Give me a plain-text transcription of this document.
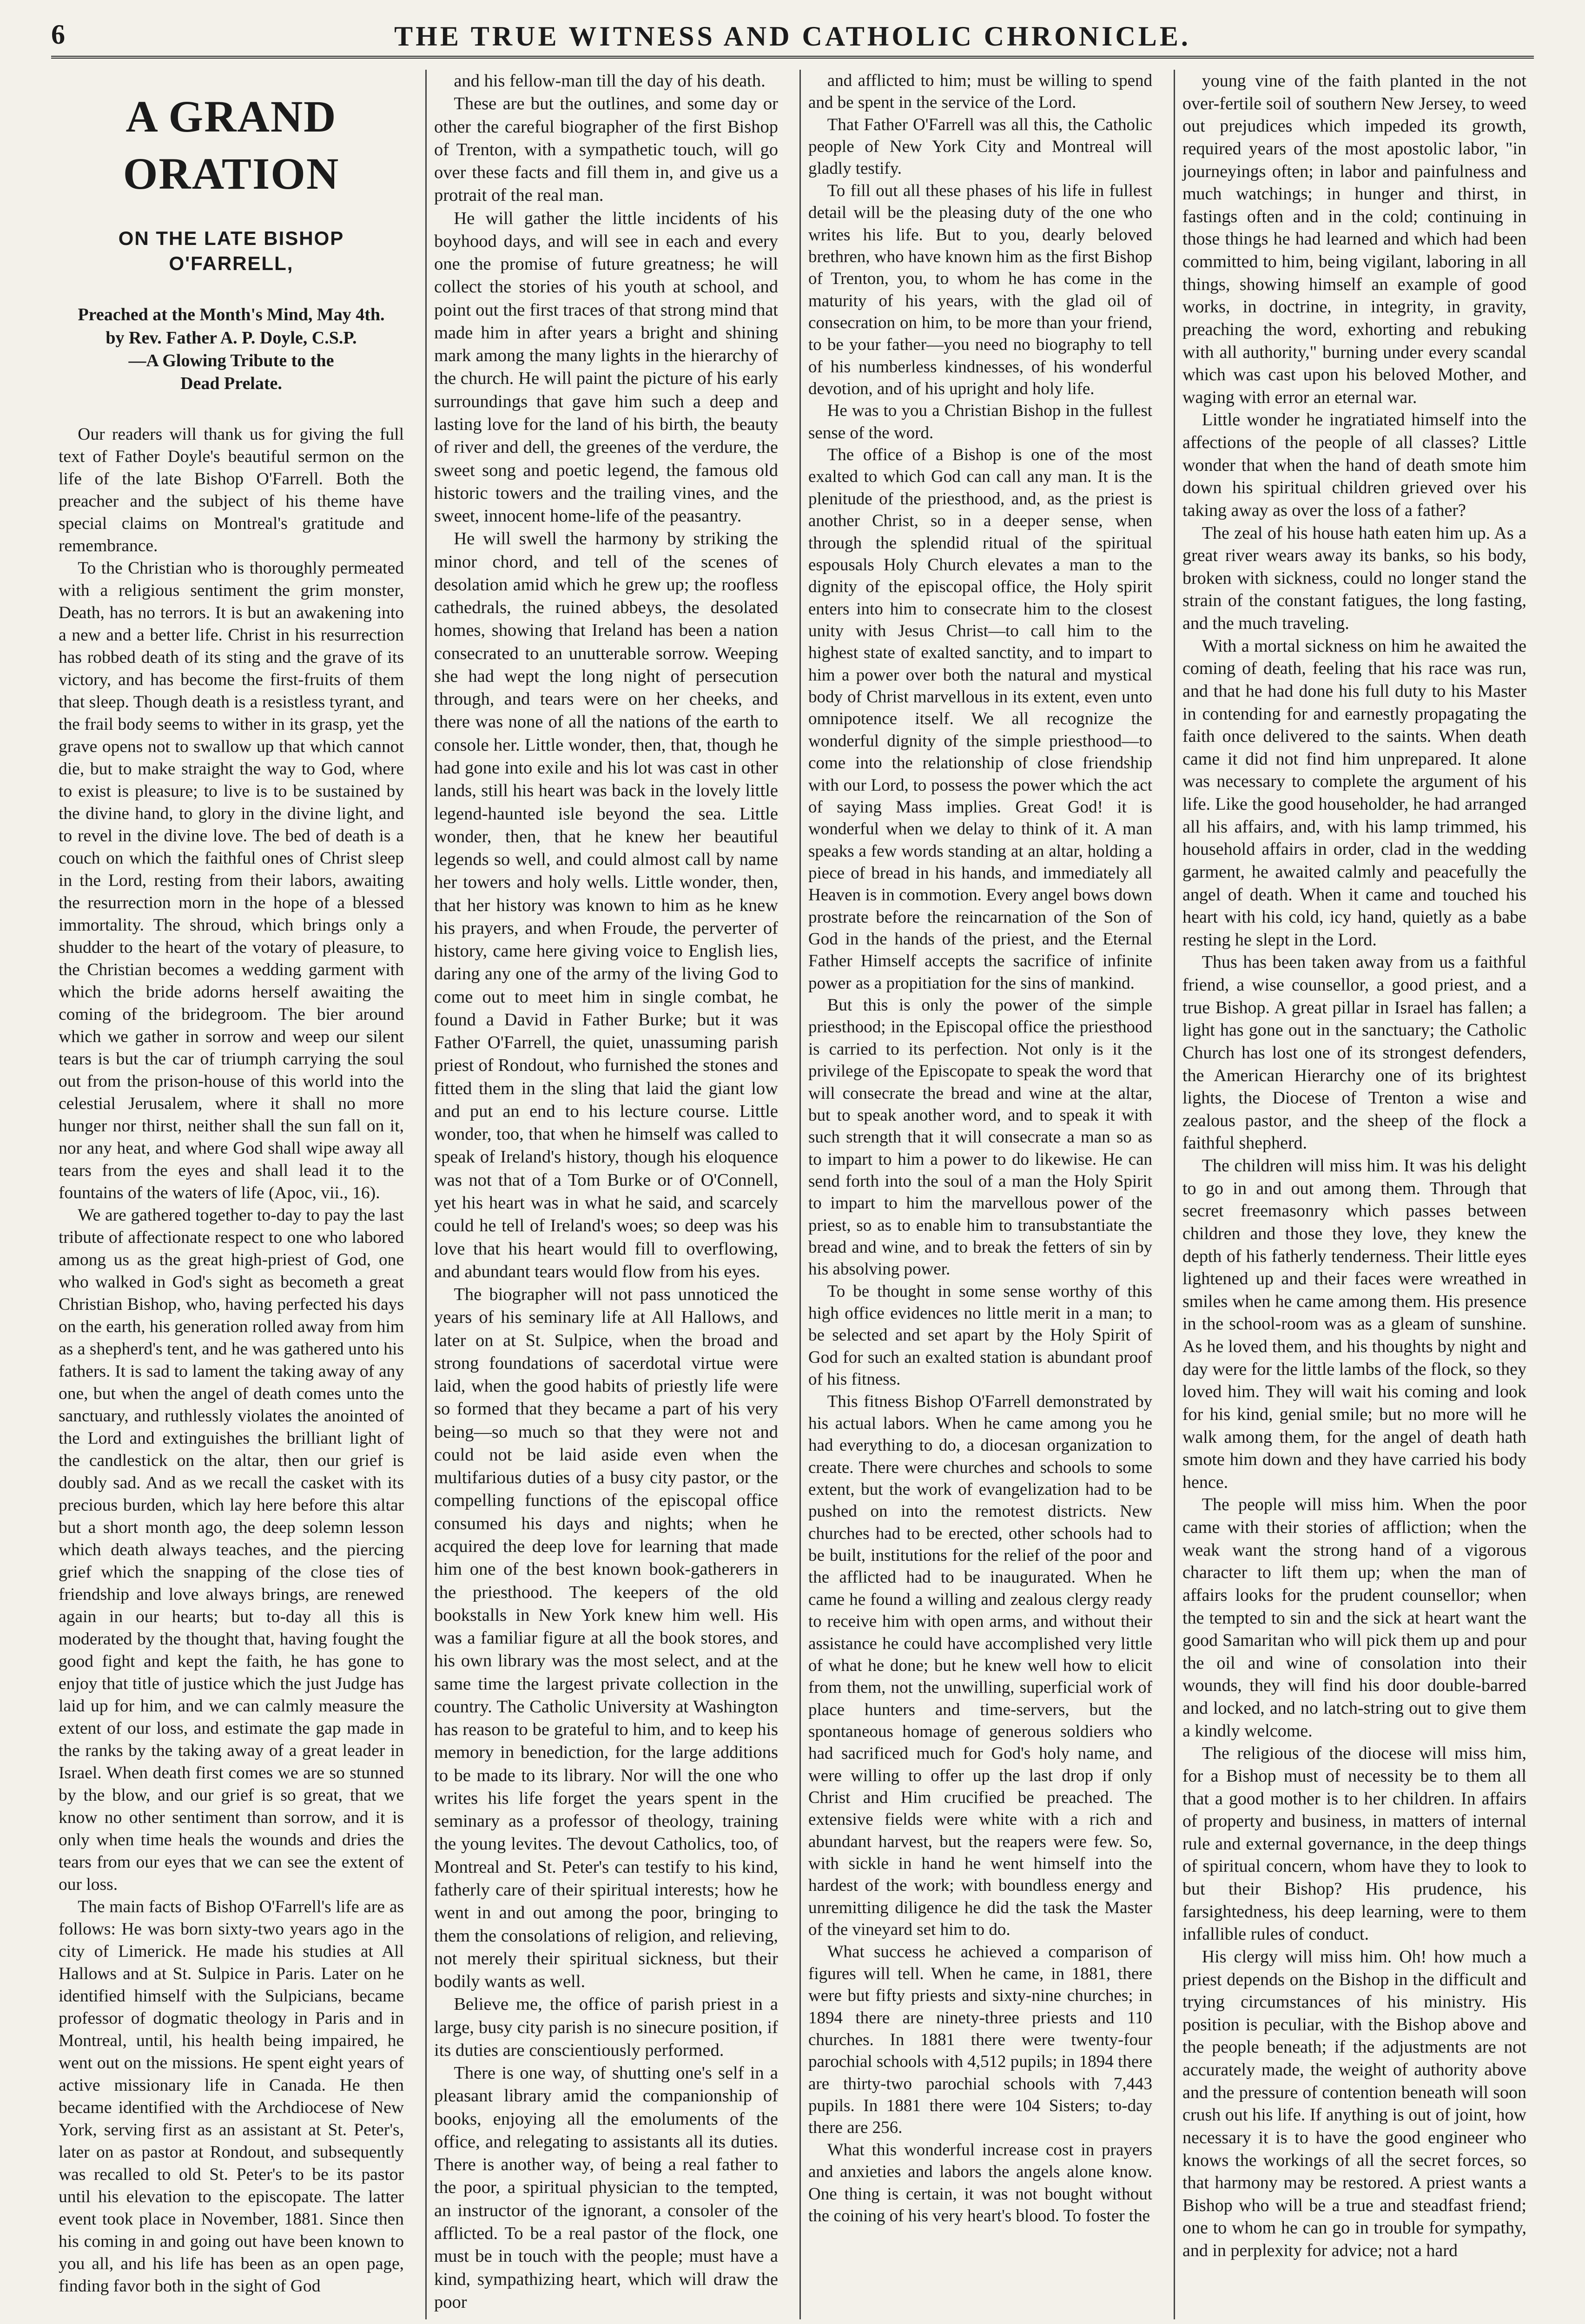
6	THE TRUE WITNESS AND CATHOLIC CHRONICLE.
A GRAND ORATION
ON THE LATE BISHOP O'FARRELL,
Preached at the Month's Mind, May 4th.
by Rev. Father A. P. Doyle, C.S.P.
—A Glowing Tribute to the
Dead Prelate.

Our readers will thank us for giving the full text of Father Doyle's beautiful sermon on the life of the late Bishop O'Farrell. Both the preacher and the subject of his theme have special claims on Montreal's gratitude and remembrance.

To the Christian who is thoroughly permeated with a religious sentiment the grim monster, Death, has no terrors. It is but an awakening into a new and a better life. Christ in his resurrection has robbed death of its sting and the grave of its victory, and has become the first-fruits of them that sleep. Though death is a resistless tyrant, and the frail body seems to wither in its grasp, yet the grave opens not to swallow up that which cannot die, but to make straight the way to God, where to exist is pleasure; to live is to be sustained by the divine hand, to glory in the divine light, and to revel in the divine love. The bed of death is a couch on which the faithful ones of Christ sleep in the Lord, resting from their labors, awaiting the resurrection morn in the hope of a blessed immortality. The shroud, which brings only a shudder to the heart of the votary of pleasure, to the Christian becomes a wedding garment with which the bride adorns herself awaiting the coming of the bridegroom. The bier around which we gather in sorrow and weep our silent tears is but the car of triumph carrying the soul out from the prison-house of this world into the celestial Jerusalem, where it shall no more hunger nor thirst, neither shall the sun fall on it, nor any heat, and where God shall wipe away all tears from the eyes and shall lead it to the fountains of the waters of life (Apoc, vii., 16).

We are gathered together to-day to pay the last tribute of affectionate respect to one who labored among us as the great high-priest of God, one who walked in God's sight as becometh a great Christian Bishop, who, having perfected his days on the earth, his generation rolled away from him as a shepherd's tent, and he was gathered unto his fathers. It is sad to lament the taking away of any one, but when the angel of death comes unto the sanctuary, and ruthlessly violates the anointed of the Lord and extinguishes the brilliant light of the candlestick on the altar, then our grief is doubly sad. And as we recall the casket with its precious burden, which lay here before this altar but a short month ago, the deep solemn lesson which death always teaches, and the piercing grief which the snapping of the close ties of friendship and love always brings, are renewed again in our hearts; but to-day all this is moderated by the thought that, having fought the good fight and kept the faith, he has gone to enjoy that title of justice which the just Judge has laid up for him, and we can calmly measure the extent of our loss, and estimate the gap made in the ranks by the taking away of a great leader in Israel. When death first comes we are so stunned by the blow, and our grief is so great, that we know no other sentiment than sorrow, and it is only when time heals the wounds and dries the tears from our eyes that we can see the extent of our loss.

The main facts of Bishop O'Farrell's life are as follows: He was born sixty-two years ago in the city of Limerick. He made his studies at All Hallows and at St. Sulpice in Paris. Later on he identified himself with the Sulpicians, became professor of dogmatic theology in Paris and in Montreal, until, his health being impaired, he went out on the missions. He spent eight years of active missionary life in Canada. He then became identified with the Archdiocese of New York, serving first as an assistant at St. Peter's, later on as pastor at Rondout, and subsequently was recalled to old St. Peter's to be its pastor until his elevation to the episcopate. The latter event took place in November, 1881. Since then his coming in and going out have been known to you all, and his life has been as an open page, finding favor both in the sight of God

and his fellow-man till the day of his death.

These are but the outlines, and some day or other the careful biographer of the first Bishop of Trenton, with a sympathetic touch, will go over these facts and fill them in, and give us a protrait of the real man.

He will gather the little incidents of his boyhood days, and will see in each and every one the promise of future greatness; he will collect the stories of his youth at school, and point out the first traces of that strong mind that made him in after years a bright and shining mark among the many lights in the hierarchy of the church. He will paint the picture of his early surroundings that gave him such a deep and lasting love for the land of his birth, the beauty of river and dell, the greenes of the verdure, the sweet song and poetic legend, the famous old historic towers and the trailing vines, and the sweet, innocent home-life of the peasantry.

He will swell the harmony by striking the minor chord, and tell of the scenes of desolation amid which he grew up; the roofless cathedrals, the ruined abbeys, the desolated homes, showing that Ireland has been a nation consecrated to an unutterable sorrow. Weeping she had wept the long night of persecution through, and tears were on her cheeks, and there was none of all the nations of the earth to console her. Little wonder, then, that, though he had gone into exile and his lot was cast in other lands, still his heart was back in the lovely little legend-haunted isle beyond the sea. Little wonder, then, that he knew her beautiful legends so well, and could almost call by name her towers and holy wells. Little wonder, then, that her history was known to him as he knew his prayers, and when Froude, the perverter of history, came here giving voice to English lies, daring any one of the army of the living God to come out to meet him in single combat, he found a David in Father Burke; but it was Father O'Farrell, the quiet, unassuming parish priest of Rondout, who furnished the stones and fitted them in the sling that laid the giant low and put an end to his lecture course. Little wonder, too, that when he himself was called to speak of Ireland's history, though his eloquence was not that of a Tom Burke or of O'Connell, yet his heart was in what he said, and scarcely could he tell of Ireland's woes; so deep was his love that his heart would fill to overflowing, and abundant tears would flow from his eyes.

The biographer will not pass unnoticed the years of his seminary life at All Hallows, and later on at St. Sulpice, when the broad and strong foundations of sacerdotal virtue were laid, when the good habits of priestly life were so formed that they became a part of his very being—so much so that they were not and could not be laid aside even when the multifarious duties of a busy city pastor, or the compelling functions of the episcopal office consumed his days and nights; when he acquired the deep love for learning that made him one of the best known book-gatherers in the priesthood. The keepers of the old bookstalls in New York knew him well. His was a familiar figure at all the book stores, and his own library was the most select, and at the same time the largest private collection in the country. The Catholic University at Washington has reason to be grateful to him, and to keep his memory in benediction, for the large additions to be made to its library. Nor will the one who writes his life forget the years spent in the seminary as a professor of theology, training the young levites. The devout Catholics, too, of Montreal and St. Peter's can testify to his kind, fatherly care of their spiritual interests; how he went in and out among the poor, bringing to them the consolations of religion, and relieving, not merely their spiritual sickness, but their bodily wants as well.

Believe me, the office of parish priest in a large, busy city parish is no sinecure position, if its duties are conscientiously performed.

There is one way, of shutting one's self in a pleasant library amid the companionship of books, enjoying all the emoluments of the office, and relegating to assistants all its duties. There is another way, of being a real father to the poor, a spiritual physician to the tempted, an instructor of the ignorant, a consoler of the afflicted. To be a real pastor of the flock, one must be in touch with the people; must have a kind, sympathizing heart, which will draw the poor

and afflicted to him; must be willing to spend and be spent in the service of the Lord.

That Father O'Farrell was all this, the Catholic people of New York City and Montreal will gladly testify.

To fill out all these phases of his life in fullest detail will be the pleasing duty of the one who writes his life. But to you, dearly beloved brethren, who have known him as the first Bishop of Trenton, you, to whom he has come in the maturity of his years, with the glad oil of consecration on him, to be more than your friend, to be your father—you need no biography to tell of his numberless kindnesses, of his wonderful devotion, and of his upright and holy life.

He was to you a Christian Bishop in the fullest sense of the word.

The office of a Bishop is one of the most exalted to which God can call any man. It is the plenitude of the priesthood, and, as the priest is another Christ, so in a deeper sense, when through the splendid ritual of the spiritual espousals Holy Church elevates a man to the dignity of the episcopal office, the Holy spirit enters into him to consecrate him to the closest unity with Jesus Christ—to call him to the highest state of exalted sanctity, and to impart to him a power over both the natural and mystical body of Christ marvellous in its extent, even unto omnipotence itself. We all recognize the wonderful dignity of the simple priesthood—to come into the relationship of close friendship with our Lord, to possess the power which the act of saying Mass implies. Great God! it is wonderful when we delay to think of it. A man speaks a few words standing at an altar, holding a piece of bread in his hands, and immediately all Heaven is in commotion. Every angel bows down prostrate before the reincarnation of the Son of God in the hands of the priest, and the Eternal Father Himself accepts the sacrifice of infinite power as a propitiation for the sins of mankind.

But this is only the power of the simple priesthood; in the Episcopal office the priesthood is carried to its perfection. Not only is it the privilege of the Episcopate to speak the word that will consecrate the bread and wine at the altar, but to speak another word, and to speak it with such strength that it will consecrate a man so as to impart to him a power to do likewise. He can send forth into the soul of a man the Holy Spirit to impart to him the marvellous power of the priest, so as to enable him to transubstantiate the bread and wine, and to break the fetters of sin by his absolving power.

To be thought in some sense worthy of this high office evidences no little merit in a man; to be selected and set apart by the Holy Spirit of God for such an exalted station is abundant proof of his fitness.

This fitness Bishop O'Farrell demonstrated by his actual labors. When he came among you he had everything to do, a diocesan organization to create. There were churches and schools to some extent, but the work of evangelization had to be pushed on into the remotest districts. New churches had to be erected, other schools had to be built, institutions for the relief of the poor and the afflicted had to be inaugurated. When he came he found a willing and zealous clergy ready to receive him with open arms, and without their assistance he could have accomplished very little of what he done; but he knew well how to elicit from them, not the unwilling, superficial work of place hunters and time-servers, but the spontaneous homage of generous soldiers who had sacrificed much for God's holy name, and were willing to offer up the last drop if only Christ and Him crucified be preached. The extensive fields were white with a rich and abundant harvest, but the reapers were few. So, with sickle in hand he went himself into the hardest of the work; with boundless energy and unremitting diligence he did the task the Master of the vineyard set him to do.

What success he achieved a comparison of figures will tell. When he came, in 1881, there were but fifty priests and sixty-nine churches; in 1894 there are ninety-three priests and 110 churches. In 1881 there were twenty-four parochial schools with 4,512 pupils; in 1894 there are thirty-two parochial schools with 7,443 pupils. In 1881 there were 104 Sisters; to-day there are 256.

What this wonderful increase cost in prayers and anxieties and labors the angels alone know. One thing is certain, it was not bought without the coining of his very heart's blood. To foster the

young vine of the faith planted in the not over-fertile soil of southern New Jersey, to weed out prejudices which impeded its growth, required years of the most apostolic labor, "in journeyings often; in labor and painfulness and much watchings; in hunger and thirst, in fastings often and in the cold; continuing in those things he had learned and which had been committed to him, being vigilant, laboring in all things, showing himself an example of good works, in doctrine, in integrity, in gravity, preaching the word, exhorting and rebuking with all authority," burning under every scandal which was cast upon his beloved Mother, and waging with error an eternal war.

Little wonder he ingratiated himself into the affections of the people of all classes? Little wonder that when the hand of death smote him down his spiritual children grieved over his taking away as over the loss of a father?

The zeal of his house hath eaten him up. As a great river wears away its banks, so his body, broken with sickness, could no longer stand the strain of the constant fatigues, the long fasting, and the much traveling.

With a mortal sickness on him he awaited the coming of death, feeling that his race was run, and that he had done his full duty to his Master in contending for and earnestly propagating the faith once delivered to the saints. When death came it did not find him unprepared. It alone was necessary to complete the argument of his life. Like the good householder, he had arranged all his affairs, and, with his lamp trimmed, his household affairs in order, clad in the wedding garment, he awaited calmly and peacefully the angel of death. When it came and touched his heart with his cold, icy hand, quietly as a babe resting he slept in the Lord.

Thus has been taken away from us a faithful friend, a wise counsellor, a good priest, and a true Bishop. A great pillar in Israel has fallen; a light has gone out in the sanctuary; the Catholic Church has lost one of its strongest defenders, the American Hierarchy one of its brightest lights, the Diocese of Trenton a wise and zealous pastor, and the sheep of the flock a faithful shepherd.

The children will miss him. It was his delight to go in and out among them. Through that secret freemasonry which passes between children and those they love, they knew the depth of his fatherly tenderness. Their little eyes lightened up and their faces were wreathed in smiles when he came among them. His presence in the school-room was as a gleam of sunshine. As he loved them, and his thoughts by night and day were for the little lambs of the flock, so they loved him. They will wait his coming and look for his kind, genial smile; but no more will he walk among them, for the angel of death hath smote him down and they have carried his body hence.

The people will miss him. When the poor came with their stories of affliction; when the weak want the strong hand of a vigorous character to lift them up; when the man of affairs looks for the prudent counsellor; when the tempted to sin and the sick at heart want the good Samaritan who will pick them up and pour the oil and wine of consolation into their wounds, they will find his door double-barred and locked, and no latch-string out to give them a kindly welcome.

The religious of the diocese will miss him, for a Bishop must of necessity be to them all that a good mother is to her children. In affairs of property and business, in matters of internal rule and external governance, in the deep things of spiritual concern, whom have they to look to but their Bishop? His prudence, his farsightedness, his deep learning, were to them infallible rules of conduct.

His clergy will miss him. Oh! how much a priest depends on the Bishop in the difficult and trying circumstances of his ministry. His position is peculiar, with the Bishop above and the people beneath; if the adjustments are not accurately made, the weight of authority above and the pressure of contention beneath will soon crush out his life. If anything is out of joint, how necessary it is to have the good engineer who knows the workings of all the secret forces, so that harmony may be restored. A priest wants a Bishop who will be a true and steadfast friend; one to whom he can go in trouble for sympathy, and in perplexity for advice; not a hard
